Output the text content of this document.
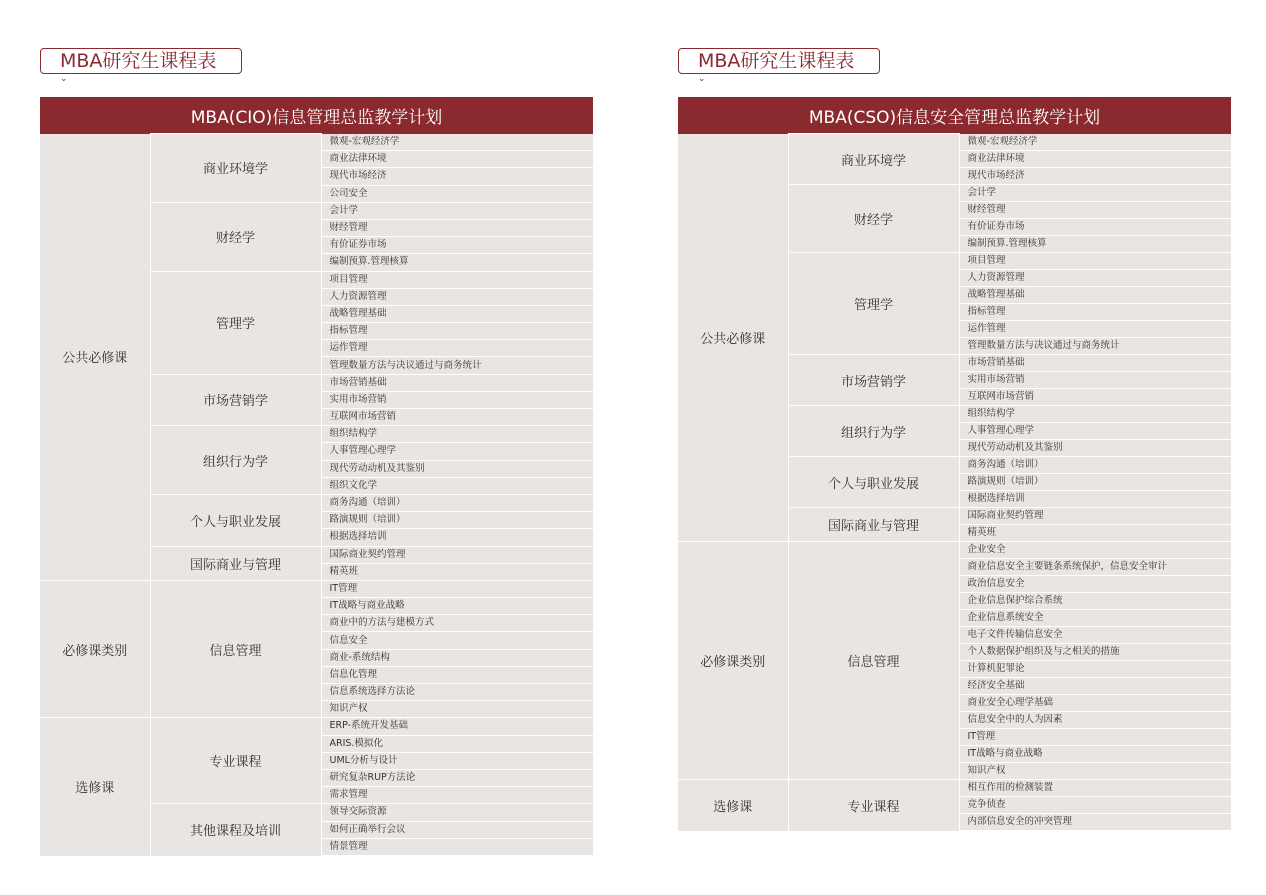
MBA研究生课程表
⌄
MBA(CIO)信息管理总监教学计划		
公共必修课	商业环境学	微观-宏观经济学
		商业法律环境
		现代市场经济
		公司安全
	财经学	会计学
		财经管理
		有价证券市场
		编制预算.管理核算
	管理学	项目管理
		人力资源管理
		战略管理基础
		指标管理
		运作管理
		管理数量方法与决议通过与商务统计
	市场营销学	市场营销基础
		实用市场营销
		互联网市场营销
	组织行为学	组织结构学
		人事管理心理学
		现代劳动动机及其鉴别
		组织文化学
	个人与职业发展	商务沟通（培训）
		路演规则（培训）
		根据选择培训
	国际商业与管理	国际商业契约管理
		精英班
必修课类别	信息管理	IT管理
		IT战略与商业战略
		商业中的方法与建模方式
		信息安全
		商业-系统结构
		信息化管理
		信息系统选择方法论
		知识产权
选修课	专业课程	ERP-系统开发基础
		ARIS.模拟化
		UML分析与设计
		研究复杂RUP方法论
		需求管理
	其他课程及培训	领导交际资源
		如何正确举行会议
		情景管理
MBA研究生课程表
⌄
MBA(CSO)信息安全管理总监教学计划		
公共必修课	商业环境学	微观-宏观经济学
		商业法律环境
		现代市场经济
	财经学	会计学
		财经管理
		有价证券市场
		编制预算.管理核算
	管理学	项目管理
		人力资源管理
		战略管理基础
		指标管理
		运作管理
		管理数量方法与决议通过与商务统计
	市场营销学	市场营销基础
		实用市场营销
		互联网市场营销
	组织行为学	组织结构学
		人事管理心理学
		现代劳动动机及其鉴别
	个人与职业发展	商务沟通（培训）
		路演规则（培训）
		根据选择培训
	国际商业与管理	国际商业契约管理
		精英班
必修课类别	信息管理	企业安全
		商业信息安全主要链条系统保护，信息安全审计
		政治信息安全
		企业信息保护综合系统
		企业信息系统安全
		电子文件传输信息安全
		个人数据保护组织及与之相关的措施
		计算机犯罪论
		经济安全基础
		商业安全心理学基础
		信息安全中的人为因素
		IT管理
		IT战略与商业战略
		知识产权
选修课	专业课程	相互作用的检测装置
		竞争侦查
		内部信息安全的冲突管理
